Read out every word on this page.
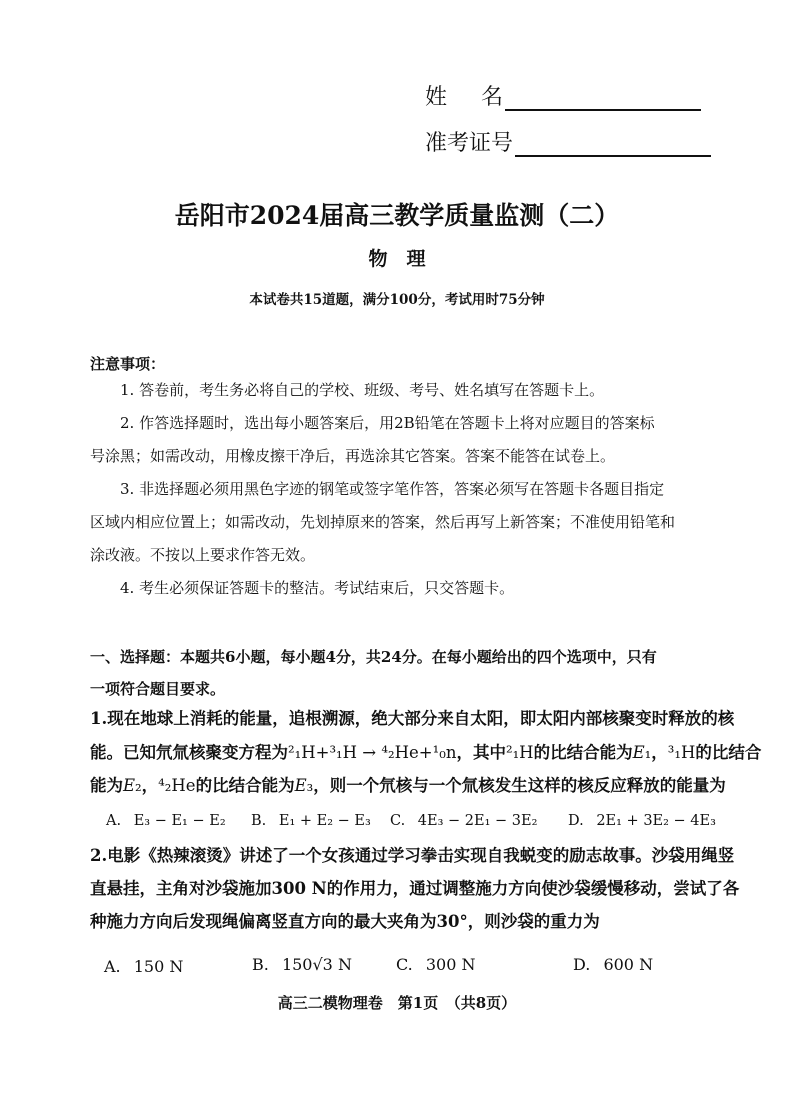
姓名
准考证号
岳阳市2024届高三教学质量监测（二）
物　理
本试卷共15道题，满分100分，考试用时75分钟
注意事项：
1. 答卷前，考生务必将自己的学校、班级、考号、姓名填写在答题卡上。
2. 作答选择题时，选出每小题答案后，用2B铅笔在答题卡上将对应题目的答案标
号涂黑；如需改动，用橡皮擦干净后，再选涂其它答案。答案不能答在试卷上。
3. 非选择题必须用黑色字迹的钢笔或签字笔作答，答案必须写在答题卡各题目指定
区域内相应位置上；如需改动，先划掉原来的答案，然后再写上新答案；不准使用铅笔和
涂改液。不按以上要求作答无效。
4. 考生必须保证答题卡的整洁。考试结束后，只交答题卡。
一、选择题：本题共6小题，每小题4分，共24分。在每小题给出的四个选项中，只有
一项符合题目要求。
1.现在地球上消耗的能量，追根溯源，绝大部分来自太阳，即太阳内部核聚变时释放的核
能。已知氘氚核聚变方程为²₁H+³₁H → ⁴₂He+¹₀n，其中²₁H的比结合能为E₁，³₁H的比结合
能为E₂，⁴₂He的比结合能为E₃，则一个氘核与一个氚核发生这样的核反应释放的能量为
A. E₃ − E₁ − E₂ B. E₁ + E₂ − E₃ C. 4E₃ − 2E₁ − 3E₂ D. 2E₁ + 3E₂ − 4E₃
2.电影《热辣滚烫》讲述了一个女孩通过学习拳击实现自我蜕变的励志故事。沙袋用绳竖
直悬挂，主角对沙袋施加300 N的作用力，通过调整施力方向使沙袋缓慢移动，尝试了各
种施力方向后发现绳偏离竖直方向的最大夹角为30°，则沙袋的重力为
A. 150 N	B. 150√3 N	C. 300 N	D. 600 N
高三二模物理卷　第1页　（共8页）
